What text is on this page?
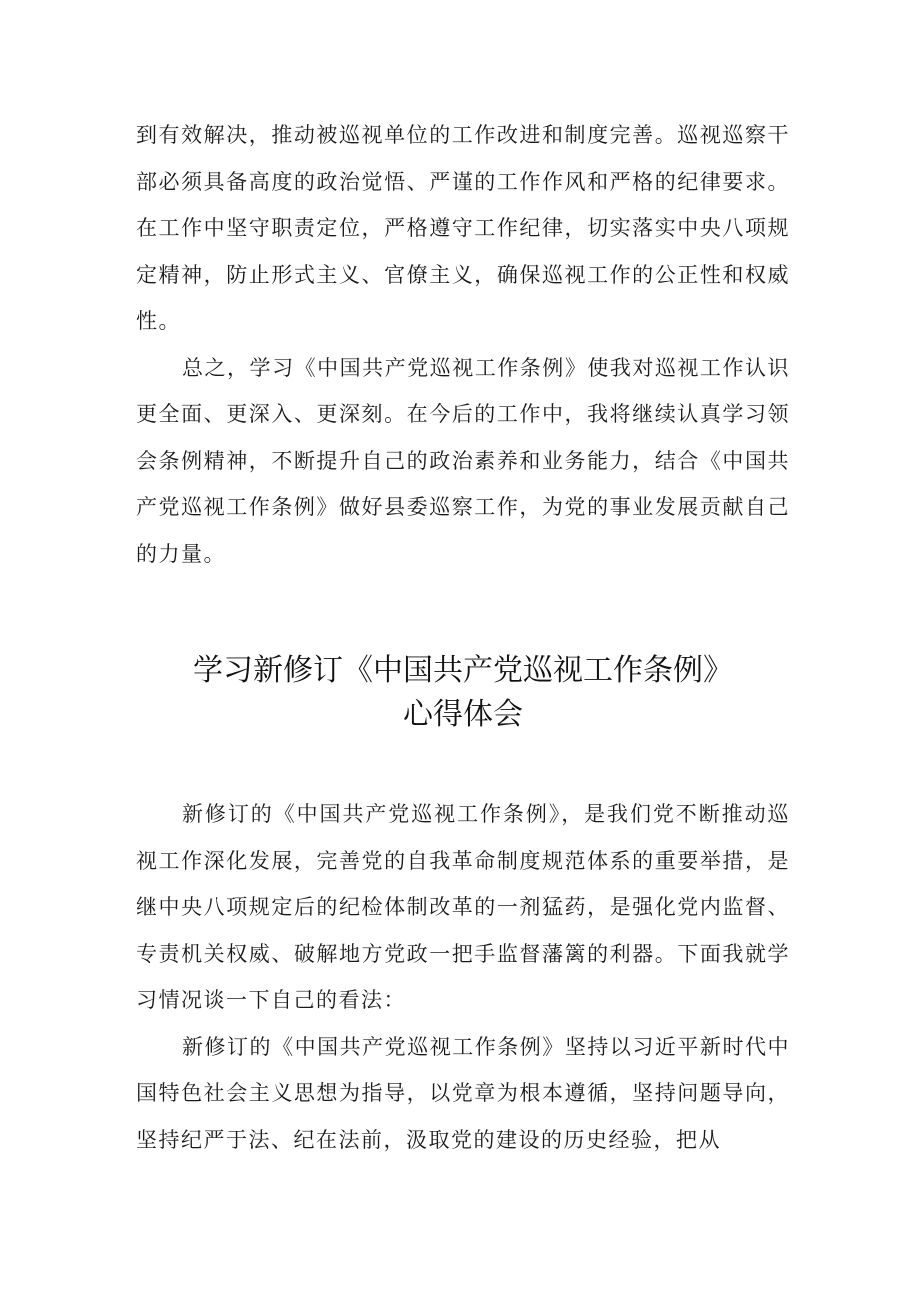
到有效解决，推动被巡视单位的工作改进和制度完善。巡视巡察干部必须具备高度的政治觉悟、严谨的工作作风和严格的纪律要求。在工作中坚守职责定位，严格遵守工作纪律，切实落实中央八项规定精神，防止形式主义、官僚主义，确保巡视工作的公正性和权威性。

总之，学习《中国共产党巡视工作条例》使我对巡视工作认识更全面、更深入、更深刻。在今后的工作中，我将继续认真学习领会条例精神，不断提升自己的政治素养和业务能力，结合《中国共产党巡视工作条例》做好县委巡察工作，为党的事业发展贡献自己的力量。

学习新修订《中国共产党巡视工作条例》
心得体会

新修订的《中国共产党巡视工作条例》，是我们党不断推动巡视工作深化发展，完善党的自我革命制度规范体系的重要举措，是继中央八项规定后的纪检体制改革的一剂猛药，是强化党内监督、专责机关权威、破解地方党政一把手监督藩篱的利器。下面我就学习情况谈一下自己的看法：

新修订的《中国共产党巡视工作条例》坚持以习近平新时代中国特色社会主义思想为指导，以党章为根本遵循，坚持问题导向，坚持纪严于法、纪在法前，汲取党的建设的历史经验，把从
